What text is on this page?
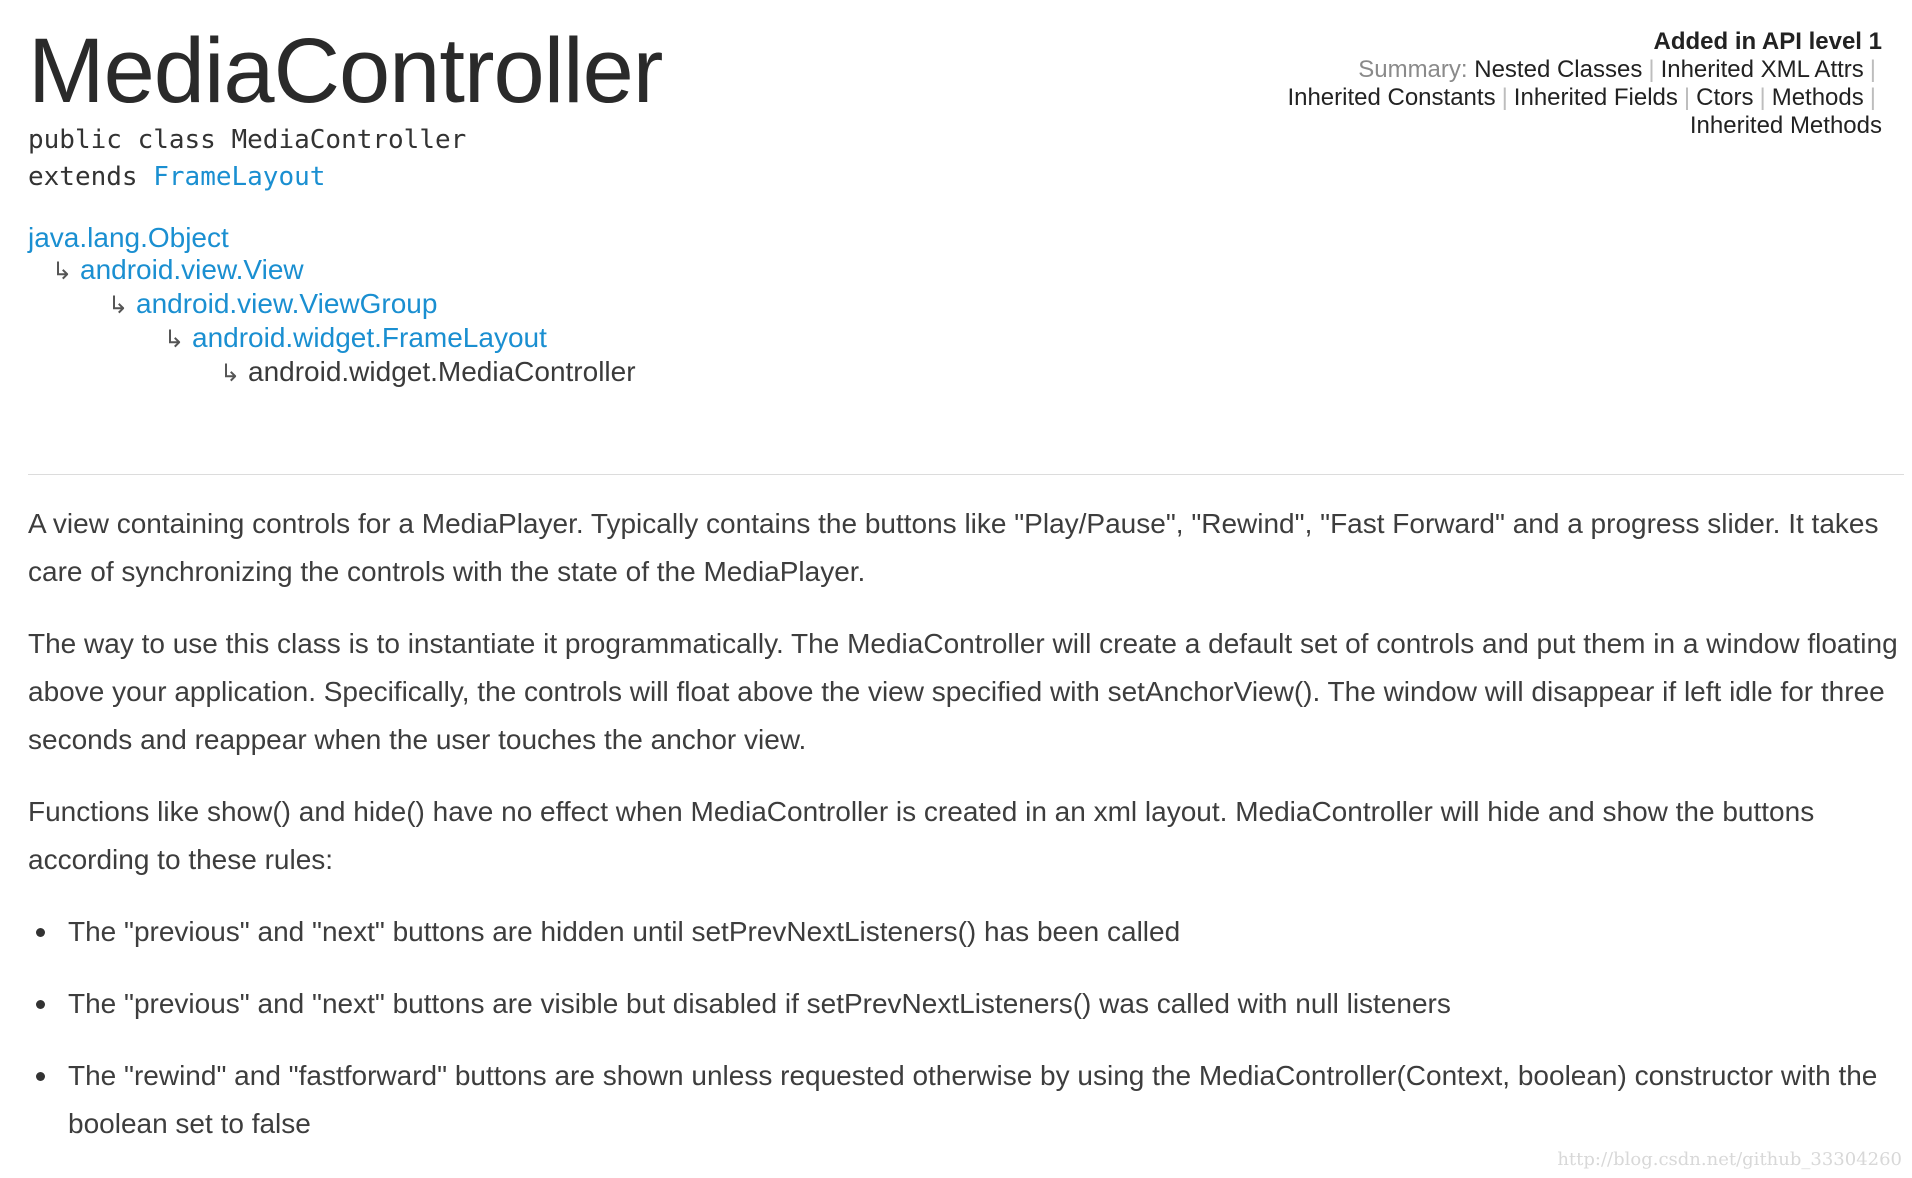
Added in API level 1
Summary: Nested Classes | Inherited XML Attrs |
Inherited Constants | Inherited Fields | Ctors | Methods |
Inherited Methods
MediaController
public class MediaController
extends FrameLayout
java.lang.Object
↳ android.view.View
↳ android.view.ViewGroup
↳ android.widget.FrameLayout
↳ android.widget.MediaController

A view containing controls for a MediaPlayer. Typically contains the buttons like "Play/Pause", "Rewind", "Fast Forward" and a progress slider. It takes care of synchronizing the controls with the state of the MediaPlayer.

The way to use this class is to instantiate it programmatically. The MediaController will create a default set of controls and put them in a window floating above your application. Specifically, the controls will float above the view specified with setAnchorView(). The window will disappear if left idle for three seconds and reappear when the user touches the anchor view.

Functions like show() and hide() have no effect when MediaController is created in an xml layout. MediaController will hide and show the buttons according to these rules:

The "previous" and "next" buttons are hidden until setPrevNextListeners() has been called
The "previous" and "next" buttons are visible but disabled if setPrevNextListeners() was called with null listeners
The "rewind" and "fastforward" buttons are shown unless requested otherwise by using the MediaController(Context, boolean) constructor with the boolean set to false
http://blog.csdn.net/github_33304260
